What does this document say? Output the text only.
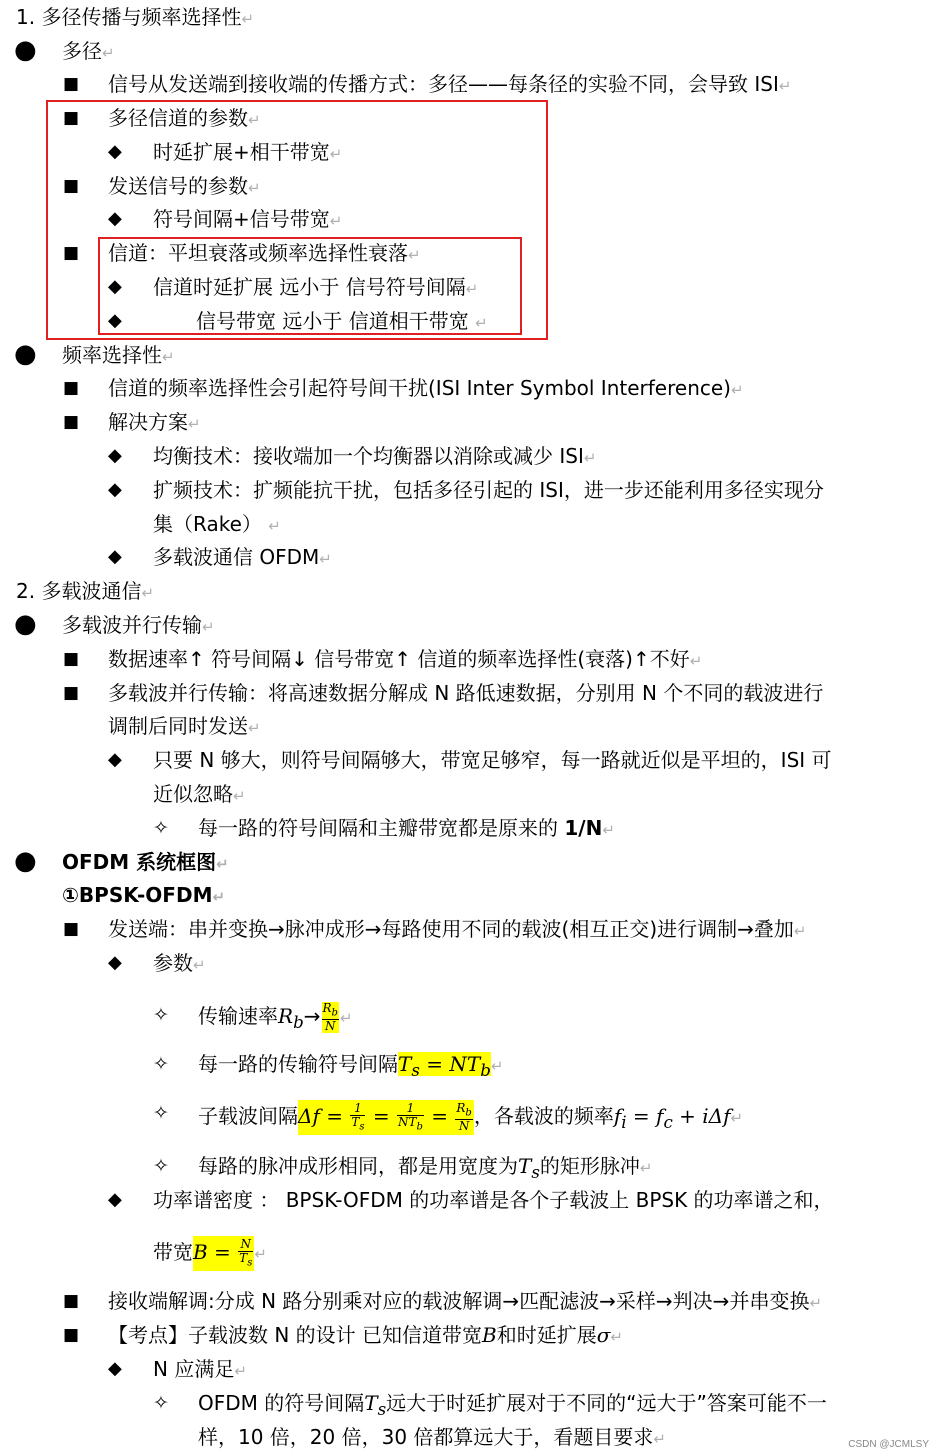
1. 多径传播与频率选择性↵
● 多径↵
■ 信号从发送端到接收端的传播方式：多径——每条径的实验不同，会导致 ISI↵
■ 多径信道的参数↵
◆ 时延扩展+相干带宽↵
■ 发送信号的参数↵
◆ 符号间隔+信号带宽↵
■ 信道：平坦衰落或频率选择性衰落↵
◆ 信道时延扩展 远小于 信号符号间隔↵
◆	信号带宽 远小于 信道相干带宽 ↵
● 频率选择性↵
■ 信道的频率选择性会引起符号间干扰(ISI Inter Symbol Interference)↵
■ 解决方案↵
◆ 均衡技术：接收端加一个均衡器以消除或减少 ISI↵
◆ 扩频技术：扩频能抗干扰，包括多径引起的 ISI，进一步还能利用多径实现分
集（Rake） ↵
◆ 多载波通信 OFDM↵
2. 多载波通信↵
● 多载波并行传输↵
■ 数据速率↑ 符号间隔↓ 信号带宽↑ 信道的频率选择性(衰落)↑不好↵
■ 多载波并行传输：将高速数据分解成 N 路低速数据，分别用 N 个不同的载波进行
调制后同时发送↵
◆ 只要 N 够大，则符号间隔够大，带宽足够窄，每一路就近似是平坦的，ISI 可
近似忽略↵
✧ 每一路的符号间隔和主瓣带宽都是原来的 1/N↵
● OFDM 系统框图↵
①BPSK-OFDM↵
■ 发送端：串并变换→脉冲成形→每路使用不同的载波(相互正交)进行调制→叠加↵
◆ 参数↵
✧ 传输速率$R_b\to \frac{R_b}{N}$ ↵
✧ 每一路的传输符号间隔$T_s$ = $NT_b↵$
✧ 子载波间隔$\Delta f = \frac{1}{T_s} = \frac{1}{NT_b} = \frac{R_b}{N}$ ，各载波的频率$f_i = f_c$ + iΔf↵
✧ 每路的脉冲成形相同，都是用宽度为$T_s$的矩形脉冲↵
◆ 功率谱密度 ： BPSK-OFDM 的功率谱是各个子载波上 BPSK 的功率谱之和，
带宽$B = \frac{N}{T_s}$ ↵
■ 接收端解调:分成 N 路分别乘对应的载波解调→匹配滤波→采样→判决→并串变换↵
■ 【考点】子载波数 N 的设计 已知信道带宽B和时延扩展σ↵
◆ N 应满足↵
✧ OFDM 的符号间隔$T_s$远大于时延扩展对于不同的“远大于”答案可能不一
样，10 倍，20 倍，30 倍都算远大于，看题目要求↵	CSDN @JCMLSY
